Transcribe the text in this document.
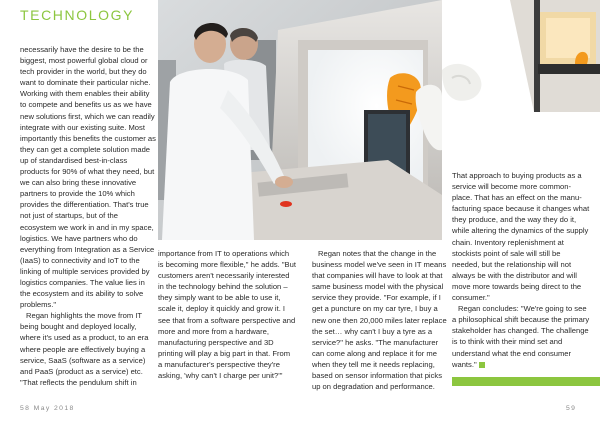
TECHNOLOGY

necessarily have the desire to be the biggest, most powerful global cloud or tech provider in the world, but they do want to dominate their particular niche. Working with them enables their ability to compete and benefits us as we have new solutions first, which we can readily integrate with our existing suite. Most importantly this benefits the customer as they can get a complete solution made up of standardised best-in-class products for 90% of what they need, but we can also bring these innovative partners to provide the 10% which provides the differentiation. That's true not just of startups, but of the ecosystem we work in and in my space, logistics. We have partners who do everything from Integration as a Service (IaaS) to connectivity and IoT to the linking of multiple services provided by logistics companies. The value lies in the ecosystem and its ability to solve problems."

Regan highlights the move from IT being bought and deployed locally, where it's used as a product, to an era where people are effectively buying a service, SaaS (software as a service) and PaaS (product as a service) etc. "That reflects the pendulum shift in

importance from IT to operations which is becoming more flexible," he adds. "But customers aren't necessarily interested in the technology behind the solution – they simply want to be able to use it, scale it, deploy it quickly and grow it. I see that from a software perspective and more and more from a hardware, manufacturing perspective and 3D printing will play a big part in that. From a manufacturer's perspective they're asking, 'why can't I charge per unit?'"

Regan notes that the change in the business model we've seen in IT means that companies will have to look at that same business model with the physical service they provide. "For example, if I get a puncture on my car tyre, I buy a new one then 20,000 miles later replace the set… why can't I buy a tyre as a service?" he asks. "The manufacturer can come along and replace it for me when they tell me it needs replacing, based on sensor information that picks up on degradation and performance.

That approach to buying products as a service will become more common-place. That has an effect on the manu-facturing space because it changes what they produce, and the way they do it, while altering the dynamics of the supply chain. Inventory replenishment at stockists point of sale will still be needed, but the relationship will not always be with the distributor and will move more towards being direct to the consumer."

Regan concludes: "We're going to see a philosophical shift because the primary stakeholder has changed. The challenge is to think with their mind set and understand what the end consumer wants."

58 May 2018	59
